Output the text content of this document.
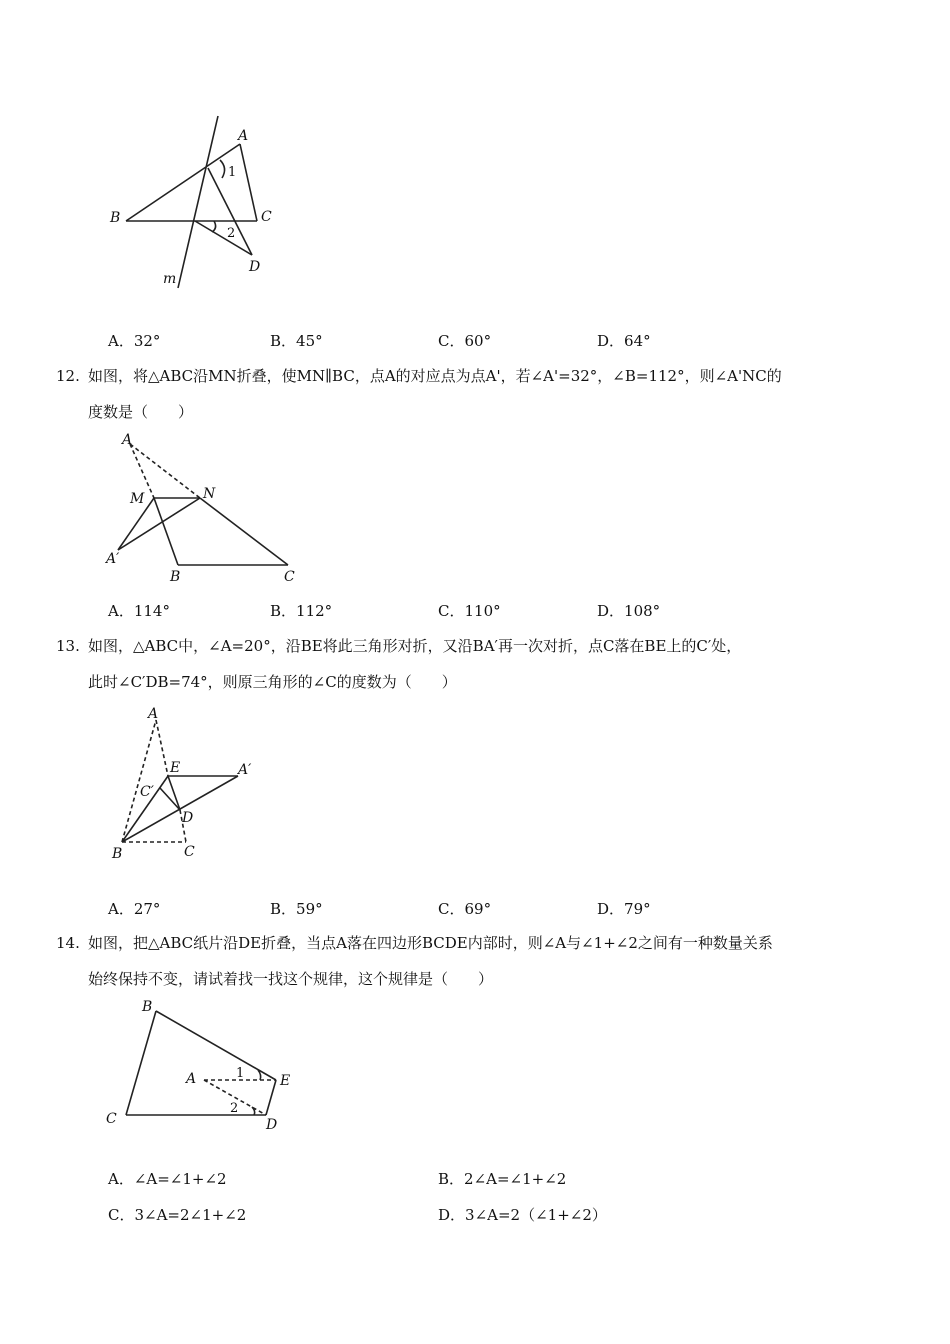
A
B	C
D
m
1
2
A．32°	B．45°	C．60°	D．64°
12. 如图，将△ABC沿MN折叠，使MN∥BC，点A的对应点为点A'，若∠A'=32°，∠B=112°，则∠A'NC的
度数是（　　）
A
M	N
A′
B	C
A．114°	B．112°	C．110°	D．108°
13. 如图，△ABC中，∠A=20°，沿BE将此三角形对折，又沿BA′再一次对折，点C落在BE上的C′处，
此时∠C′DB=74°，则原三角形的∠C的度数为（　　）
A
E	A′
C′
D
B	C
A．27°	B．59°	C．69°	D．79°
14. 如图，把△ABC纸片沿DE折叠，当点A落在四边形BCDE内部时，则∠A与∠1+∠2之间有一种数量关系
始终保持不变，请试着找一找这个规律，这个规律是（　　）
B
A	E
C	D
1
2
A．∠A=∠1+∠2	B．2∠A=∠1+∠2
C．3∠A=2∠1+∠2	D．3∠A=2（∠1+∠2）
